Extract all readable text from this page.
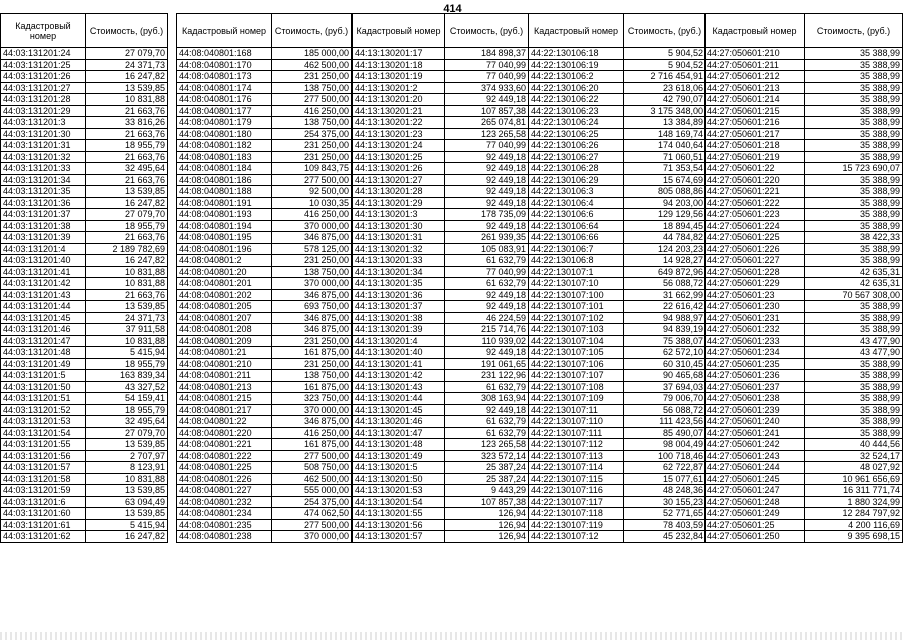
414
Кадастровый номер	Стоимость, (руб.)
44:03:131201:24	27 079,70
44:03:131201:25	24 371,73
44:03:131201:26	16 247,82
44:03:131201:27	13 539,85
44:03:131201:28	10 831,88
44:03:131201:29	21 663,76
44:03:131201:3	33 816,26
44:03:131201:30	21 663,76
44:03:131201:31	18 955,79
44:03:131201:32	21 663,76
44:03:131201:33	32 495,64
44:03:131201:34	21 663,76
44:03:131201:35	13 539,85
44:03:131201:36	16 247,82
44:03:131201:37	27 079,70
44:03:131201:38	18 955,79
44:03:131201:39	21 663,76
44:03:131201:4	2 189 782,69
44:03:131201:40	16 247,82
44:03:131201:41	10 831,88
44:03:131201:42	10 831,88
44:03:131201:43	21 663,76
44:03:131201:44	13 539,85
44:03:131201:45	24 371,73
44:03:131201:46	37 911,58
44:03:131201:47	10 831,88
44:03:131201:48	5 415,94
44:03:131201:49	18 955,79
44:03:131201:5	163 839,34
44:03:131201:50	43 327,52
44:03:131201:51	54 159,41
44:03:131201:52	18 955,79
44:03:131201:53	32 495,64
44:03:131201:54	27 079,70
44:03:131201:55	13 539,85
44:03:131201:56	2 707,97
44:03:131201:57	8 123,91
44:03:131201:58	10 831,88
44:03:131201:59	13 539,85
44:03:131201:6	63 094,49
44:03:131201:60	13 539,85
44:03:131201:61	5 415,94
44:03:131201:62	16 247,82
Кадастровый номер	Стоимость, (руб.)
44:08:040801:168	185 000,00
44:08:040801:170	462 500,00
44:08:040801:173	231 250,00
44:08:040801:174	138 750,00
44:08:040801:176	277 500,00
44:08:040801:177	416 250,00
44:08:040801:179	138 750,00
44:08:040801:180	254 375,00
44:08:040801:182	231 250,00
44:08:040801:183	231 250,00
44:08:040801:184	109 843,75
44:08:040801:186	277 500,00
44:08:040801:188	92 500,00
44:08:040801:191	10 030,35
44:08:040801:193	416 250,00
44:08:040801:194	370 000,00
44:08:040801:195	346 875,00
44:08:040801:196	578 125,00
44:08:040801:2	231 250,00
44:08:040801:20	138 750,00
44:08:040801:201	370 000,00
44:08:040801:202	346 875,00
44:08:040801:205	693 750,00
44:08:040801:207	346 875,00
44:08:040801:208	346 875,00
44:08:040801:209	231 250,00
44:08:040801:21	161 875,00
44:08:040801:210	231 250,00
44:08:040801:211	138 750,00
44:08:040801:213	161 875,00
44:08:040801:215	323 750,00
44:08:040801:217	370 000,00
44:08:040801:22	346 875,00
44:08:040801:220	416 250,00
44:08:040801:221	161 875,00
44:08:040801:222	277 500,00
44:08:040801:225	508 750,00
44:08:040801:226	462 500,00
44:08:040801:227	555 000,00
44:08:040801:232	254 375,00
44:08:040801:234	474 062,50
44:08:040801:235	277 500,00
44:08:040801:238	370 000,00
Кадастровый номер	Стоимость, (руб.)
44:13:130201:17	184 898,37
44:13:130201:18	77 040,99
44:13:130201:19	77 040,99
44:13:130201:2	374 933,60
44:13:130201:20	92 449,18
44:13:130201:21	107 857,38
44:13:130201:22	265 074,81
44:13:130201:23	123 265,58
44:13:130201:24	77 040,99
44:13:130201:25	92 449,18
44:13:130201:26	92 449,18
44:13:130201:27	92 449,18
44:13:130201:28	92 449,18
44:13:130201:29	92 449,18
44:13:130201:3	178 735,09
44:13:130201:30	92 449,18
44:13:130201:31	261 939,35
44:13:130201:32	105 083,91
44:13:130201:33	61 632,79
44:13:130201:34	77 040,99
44:13:130201:35	61 632,79
44:13:130201:36	92 449,18
44:13:130201:37	92 449,18
44:13:130201:38	46 224,59
44:13:130201:39	215 714,76
44:13:130201:4	110 939,02
44:13:130201:40	92 449,18
44:13:130201:41	191 061,65
44:13:130201:42	231 122,96
44:13:130201:43	61 632,79
44:13:130201:44	308 163,94
44:13:130201:45	92 449,18
44:13:130201:46	61 632,79
44:13:130201:47	61 632,79
44:13:130201:48	123 265,58
44:13:130201:49	323 572,14
44:13:130201:5	25 387,24
44:13:130201:50	25 387,24
44:13:130201:53	9 443,29
44:13:130201:54	107 857,38
44:13:130201:55	126,94
44:13:130201:56	126,94
44:13:130201:57	126,94
Кадастровый номер	Стоимость, (руб.)
44:22:130106:18	5 904,52
44:22:130106:19	5 904,52
44:22:130106:2	2 716 454,91
44:22:130106:20	23 618,06
44:22:130106:22	42 790,07
44:22:130106:23	3 175 348,00
44:22:130106:24	13 384,89
44:22:130106:25	148 169,74
44:22:130106:26	174 040,64
44:22:130106:27	71 060,51
44:22:130106:28	71 353,54
44:22:130106:29	15 674,69
44:22:130106:3	805 088,86
44:22:130106:4	94 203,00
44:22:130106:6	129 129,56
44:22:130106:64	18 894,45
44:22:130106:66	44 784,82
44:22:130106:7	124 203,23
44:22:130106:8	14 928,27
44:22:130107:1	649 872,96
44:22:130107:10	56 088,72
44:22:130107:100	31 662,99
44:22:130107:101	22 616,42
44:22:130107:102	94 988,97
44:22:130107:103	94 839,19
44:22:130107:104	75 388,07
44:22:130107:105	62 572,10
44:22:130107:106	60 310,45
44:22:130107:107	90 465,68
44:22:130107:108	37 694,03
44:22:130107:109	79 006,70
44:22:130107:11	56 088,72
44:22:130107:110	111 423,56
44:22:130107:111	85 490,07
44:22:130107:112	98 004,49
44:22:130107:113	100 718,46
44:22:130107:114	62 722,87
44:22:130107:115	15 077,61
44:22:130107:116	48 248,36
44:22:130107:117	30 155,23
44:22:130107:118	52 771,65
44:22:130107:119	78 403,59
44:22:130107:12	45 232,84
Кадастровый номер	Стоимость, (руб.)
44:27:050601:210	35 388,99
44:27:050601:211	35 388,99
44:27:050601:212	35 388,99
44:27:050601:213	35 388,99
44:27:050601:214	35 388,99
44:27:050601:215	35 388,99
44:27:050601:216	35 388,99
44:27:050601:217	35 388,99
44:27:050601:218	35 388,99
44:27:050601:219	35 388,99
44:27:050601:22	15 723 690,07
44:27:050601:220	35 388,99
44:27:050601:221	35 388,99
44:27:050601:222	35 388,99
44:27:050601:223	35 388,99
44:27:050601:224	35 388,99
44:27:050601:225	38 422,33
44:27:050601:226	35 388,99
44:27:050601:227	35 388,99
44:27:050601:228	42 635,31
44:27:050601:229	42 635,31
44:27:050601:23	70 567 308,00
44:27:050601:230	35 388,99
44:27:050601:231	35 388,99
44:27:050601:232	35 388,99
44:27:050601:233	43 477,90
44:27:050601:234	43 477,90
44:27:050601:235	35 388,99
44:27:050601:236	35 388,99
44:27:050601:237	35 388,99
44:27:050601:238	35 388,99
44:27:050601:239	35 388,99
44:27:050601:240	35 388,99
44:27:050601:241	35 388,99
44:27:050601:242	40 444,56
44:27:050601:243	32 524,17
44:27:050601:244	48 027,92
44:27:050601:245	10 961 656,69
44:27:050601:247	16 311 771,74
44:27:050601:248	1 880 324,99
44:27:050601:249	12 284 797,92
44:27:050601:25	4 200 116,69
44:27:050601:250	9 395 698,15
